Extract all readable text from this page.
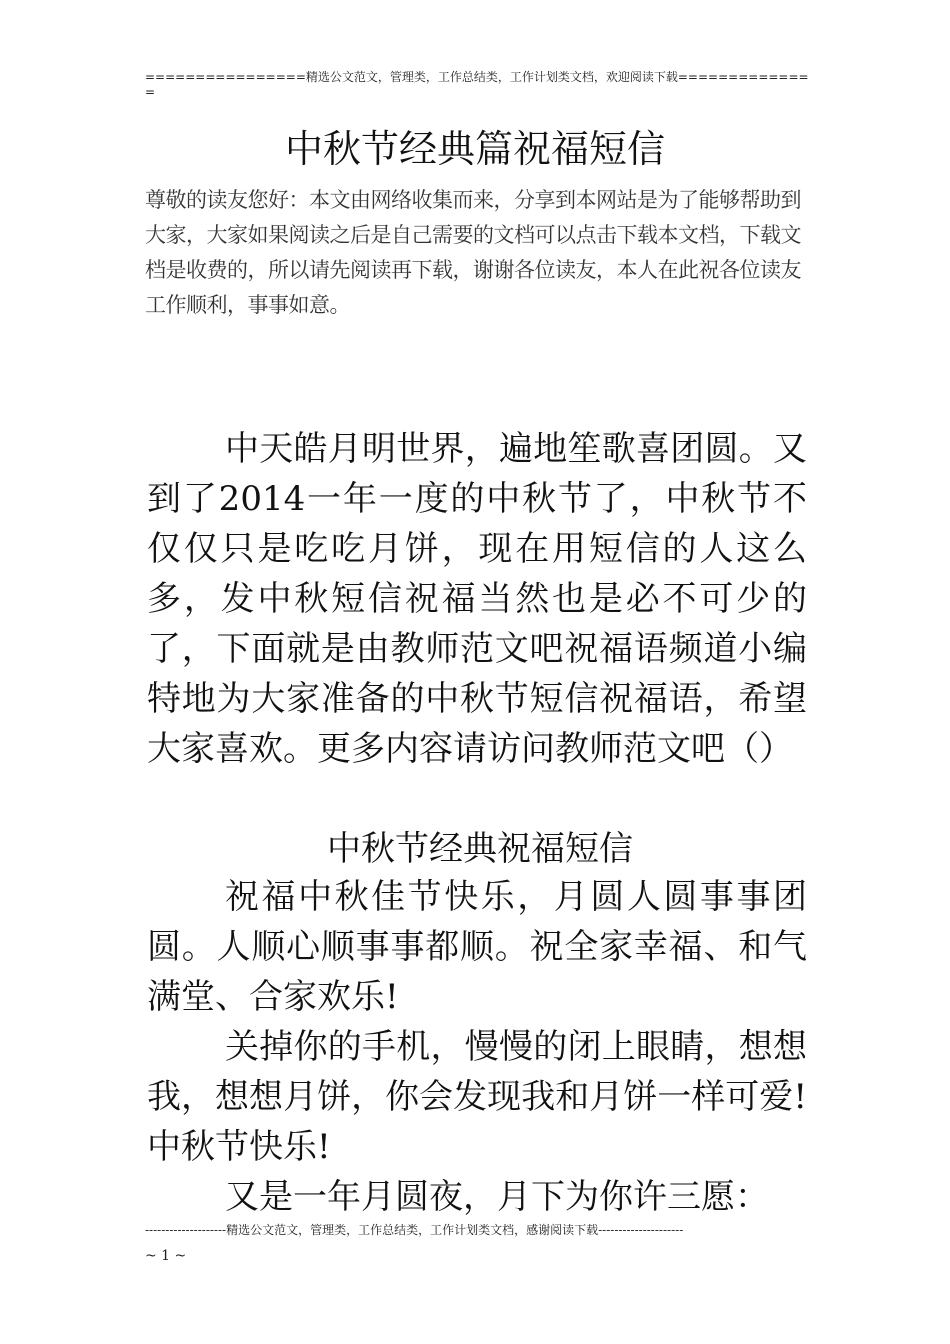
================精选公文范文，管理类，工作总结类，工作计划类文档，欢迎阅读下载=============
=
中秋节经典篇祝福短信
尊敬的读友您好：本文由网络收集而来，分享到本网站是为了能够帮助到大家，大家如果阅读之后是自己需要的文档可以点击下载本文档，下载文档是收费的，所以请先阅读再下载，谢谢各位读友，本人在此祝各位读友工作顺利，事事如意。
中天皓月明世界，遍地笙歌喜团圆。又到了2014一年一度的中秋节了，中秋节不仅仅只是吃吃月饼，现在用短信的人这么多，发中秋短信祝福当然也是必不可少的了，下面就是由教师范文吧祝福语频道小编特地为大家准备的中秋节短信祝福语，希望大家喜欢。更多内容请访问教师范文吧（）
中秋节经典祝福短信
祝福中秋佳节快乐，月圆人圆事事团圆。人顺心顺事事都顺。祝全家幸福、和气满堂、合家欢乐!
关掉你的手机，慢慢的闭上眼睛，想想我，想想月饼，你会发现我和月饼一样可爱!中秋节快乐!
又是一年月圆夜，月下为你许三愿：
--------------------精选公文范文，管理类，工作总结类，工作计划类文档，感谢阅读下载---------------------
~ 1 ~
